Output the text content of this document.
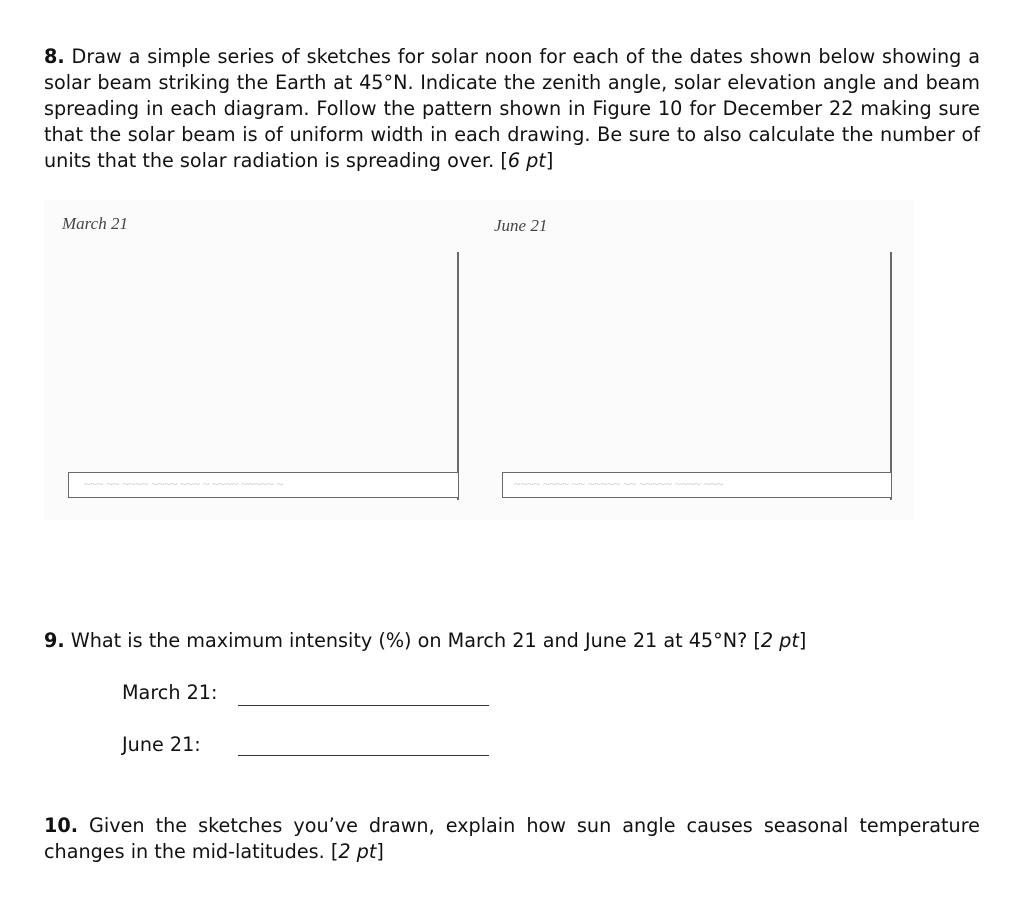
8. Draw a simple series of sketches for solar noon for each of the dates shown below showing a solar beam striking the Earth at 45°N. Indicate the zenith angle, solar elevation angle and beam spreading in each diagram. Follow the pattern shown in Figure 10 for December 22 making sure that the solar beam is of uniform width in each drawing. Be sure to also calculate the number of units that the solar radiation is spreading over. [6 pt]
March 21	June 21
~~~ ~~ ~~~~ ~~~~ ~~~ ~ ~~~~ ~~~~~ ~	~~~~ ~~~~ ~~ ~~~~~ ~~ ~~~~~ ~~~~ ~~~
9. What is the maximum intensity (%) on March 21 and June 21 at 45°N? [2 pt]
March 21:
June 21:
10. Given the sketches you’ve drawn, explain how sun angle causes seasonal temperature changes in the mid-latitudes. [2 pt]
